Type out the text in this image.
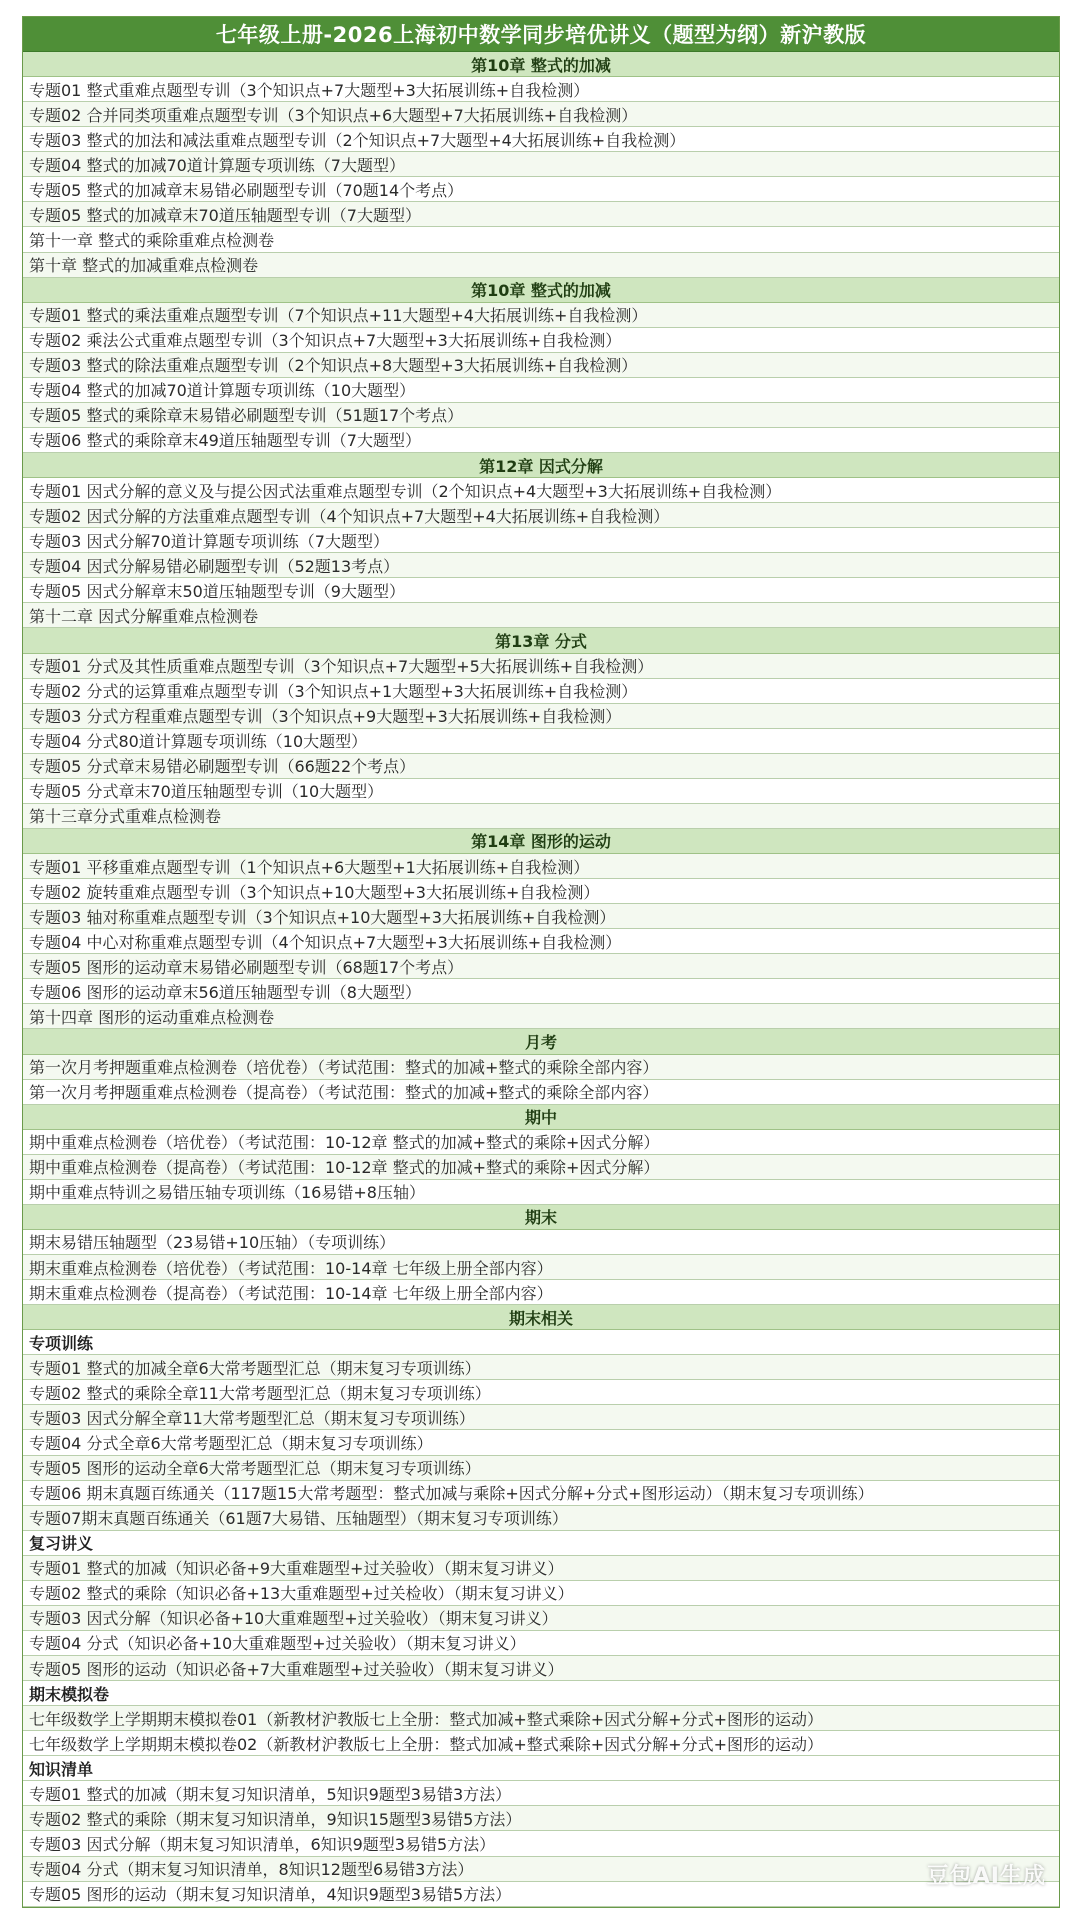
七年级上册-2026上海初中数学同步培优讲义（题型为纲）新沪教版
第10章 整式的加减
专题01 整式重难点题型专训（3个知识点+7大题型+3大拓展训练+自我检测）
专题02 合并同类项重难点题型专训（3个知识点+6大题型+7大拓展训练+自我检测）
专题03 整式的加法和减法重难点题型专训（2个知识点+7大题型+4大拓展训练+自我检测）
专题04 整式的加减70道计算题专项训练（7大题型）
专题05 整式的加减章末易错必刷题型专训（70题14个考点）
专题05 整式的加减章末70道压轴题型专训（7大题型）
第十一章 整式的乘除重难点检测卷
第十章 整式的加减重难点检测卷
第10章 整式的加减
专题01 整式的乘法重难点题型专训（7个知识点+11大题型+4大拓展训练+自我检测）
专题02 乘法公式重难点题型专训（3个知识点+7大题型+3大拓展训练+自我检测）
专题03 整式的除法重难点题型专训（2个知识点+8大题型+3大拓展训练+自我检测）
专题04 整式的加减70道计算题专项训练（10大题型）
专题05 整式的乘除章末易错必刷题型专训（51题17个考点）
专题06 整式的乘除章末49道压轴题型专训（7大题型）
第12章 因式分解
专题01 因式分解的意义及与提公因式法重难点题型专训（2个知识点+4大题型+3大拓展训练+自我检测）
专题02 因式分解的方法重难点题型专训（4个知识点+7大题型+4大拓展训练+自我检测）
专题03 因式分解70道计算题专项训练（7大题型）
专题04 因式分解易错必刷题型专训（52题13考点）
专题05 因式分解章末50道压轴题型专训（9大题型）
第十二章 因式分解重难点检测卷
第13章 分式
专题01 分式及其性质重难点题型专训（3个知识点+7大题型+5大拓展训练+自我检测）
专题02 分式的运算重难点题型专训（3个知识点+1大题型+3大拓展训练+自我检测）
专题03 分式方程重难点题型专训（3个知识点+9大题型+3大拓展训练+自我检测）
专题04 分式80道计算题专项训练（10大题型）
专题05 分式章末易错必刷题型专训（66题22个考点）
专题05 分式章末70道压轴题型专训（10大题型）
第十三章分式重难点检测卷
第14章 图形的运动
专题01 平移重难点题型专训（1个知识点+6大题型+1大拓展训练+自我检测）
专题02 旋转重难点题型专训（3个知识点+10大题型+3大拓展训练+自我检测）
专题03 轴对称重难点题型专训（3个知识点+10大题型+3大拓展训练+自我检测）
专题04 中心对称重难点题型专训（4个知识点+7大题型+3大拓展训练+自我检测）
专题05 图形的运动章末易错必刷题型专训（68题17个考点）
专题06 图形的运动章末56道压轴题型专训（8大题型）
第十四章 图形的运动重难点检测卷
月考
第一次月考押题重难点检测卷（培优卷）（考试范围：整式的加减+整式的乘除全部内容）
第一次月考押题重难点检测卷（提高卷）（考试范围：整式的加减+整式的乘除全部内容）
期中
期中重难点检测卷（培优卷）（考试范围：10-12章 整式的加减+整式的乘除+因式分解）
期中重难点检测卷（提高卷）（考试范围：10-12章 整式的加减+整式的乘除+因式分解）
期中重难点特训之易错压轴专项训练（16易错+8压轴）
期末
期末易错压轴题型（23易错+10压轴）（专项训练）
期末重难点检测卷（培优卷）（考试范围：10-14章 七年级上册全部内容）
期末重难点检测卷（提高卷）（考试范围：10-14章 七年级上册全部内容）
期末相关
专项训练
专题01 整式的加减全章6大常考题型汇总（期末复习专项训练）
专题02 整式的乘除全章11大常考题型汇总（期末复习专项训练）
专题03 因式分解全章11大常考题型汇总（期末复习专项训练）
专题04 分式全章6大常考题型汇总（期末复习专项训练）
专题05 图形的运动全章6大常考题型汇总（期末复习专项训练）
专题06 期末真题百练通关（117题15大常考题型：整式加减与乘除+因式分解+分式+图形运动）（期末复习专项训练）
专题07期末真题百练通关（61题7大易错、压轴题型）（期末复习专项训练）
复习讲义
专题01 整式的加减（知识必备+9大重难题型+过关验收）（期末复习讲义）
专题02 整式的乘除（知识必备+13大重难题型+过关检收）（期末复习讲义）
专题03 因式分解（知识必备+10大重难题型+过关验收）（期末复习讲义）
专题04 分式（知识必备+10大重难题型+过关验收）（期末复习讲义）
专题05 图形的运动（知识必备+7大重难题型+过关验收）（期末复习讲义）
期末模拟卷
七年级数学上学期期末模拟卷01（新教材沪教版七上全册：整式加减+整式乘除+因式分解+分式+图形的运动）
七年级数学上学期期末模拟卷02（新教材沪教版七上全册：整式加减+整式乘除+因式分解+分式+图形的运动）
知识清单
专题01 整式的加减（期末复习知识清单，5知识9题型3易错3方法）
专题02 整式的乘除（期末复习知识清单，9知识15题型3易错5方法）
专题03 因式分解（期末复习知识清单，6知识9题型3易错5方法）
专题04 分式（期末复习知识清单，8知识12题型6易错3方法）
专题05 图形的运动（期末复习知识清单，4知识9题型3易错5方法）
豆包AI生成
